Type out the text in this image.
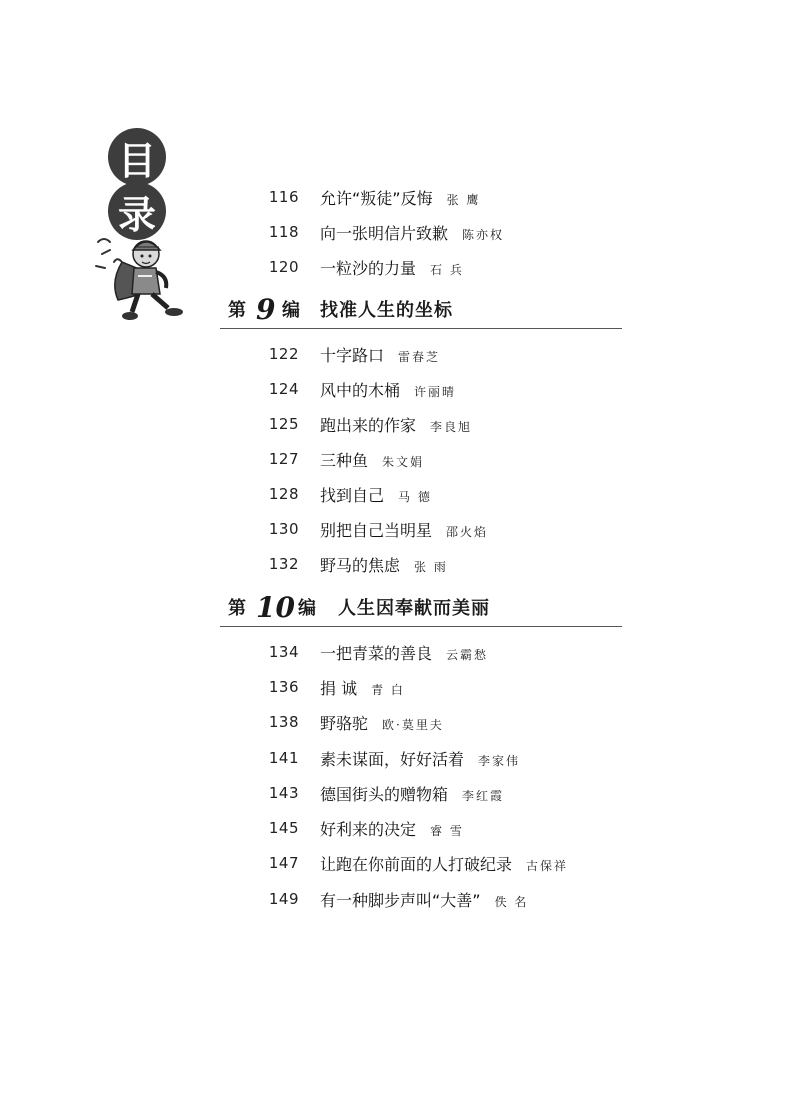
目
录	116 允许“叛徒”反悔 张 鹰
118 向一张明信片致歉 陈亦权
120 一粒沙的力量 石 兵
第 9 编 找准人生的坐标
122 十字路口 雷春芝
124 风中的木桶 许丽晴
125 跑出来的作家 李良旭
127 三种鱼 朱文娟
128 找到自己 马 德
130 别把自己当明星 邵火焰
132 野马的焦虑 张 雨
第 10 编 人生因奉献而美丽
134 一把青菜的善良 云霸愁
136 捐 诚 青 白
138 野骆驼 欧·莫里夫
141 素未谋面，好好活着 李家伟
143 德国街头的赠物箱 李红霞
145 好利来的决定 睿 雪
147 让跑在你前面的人打破纪录 古保祥
149 有一种脚步声叫“大善” 佚 名
